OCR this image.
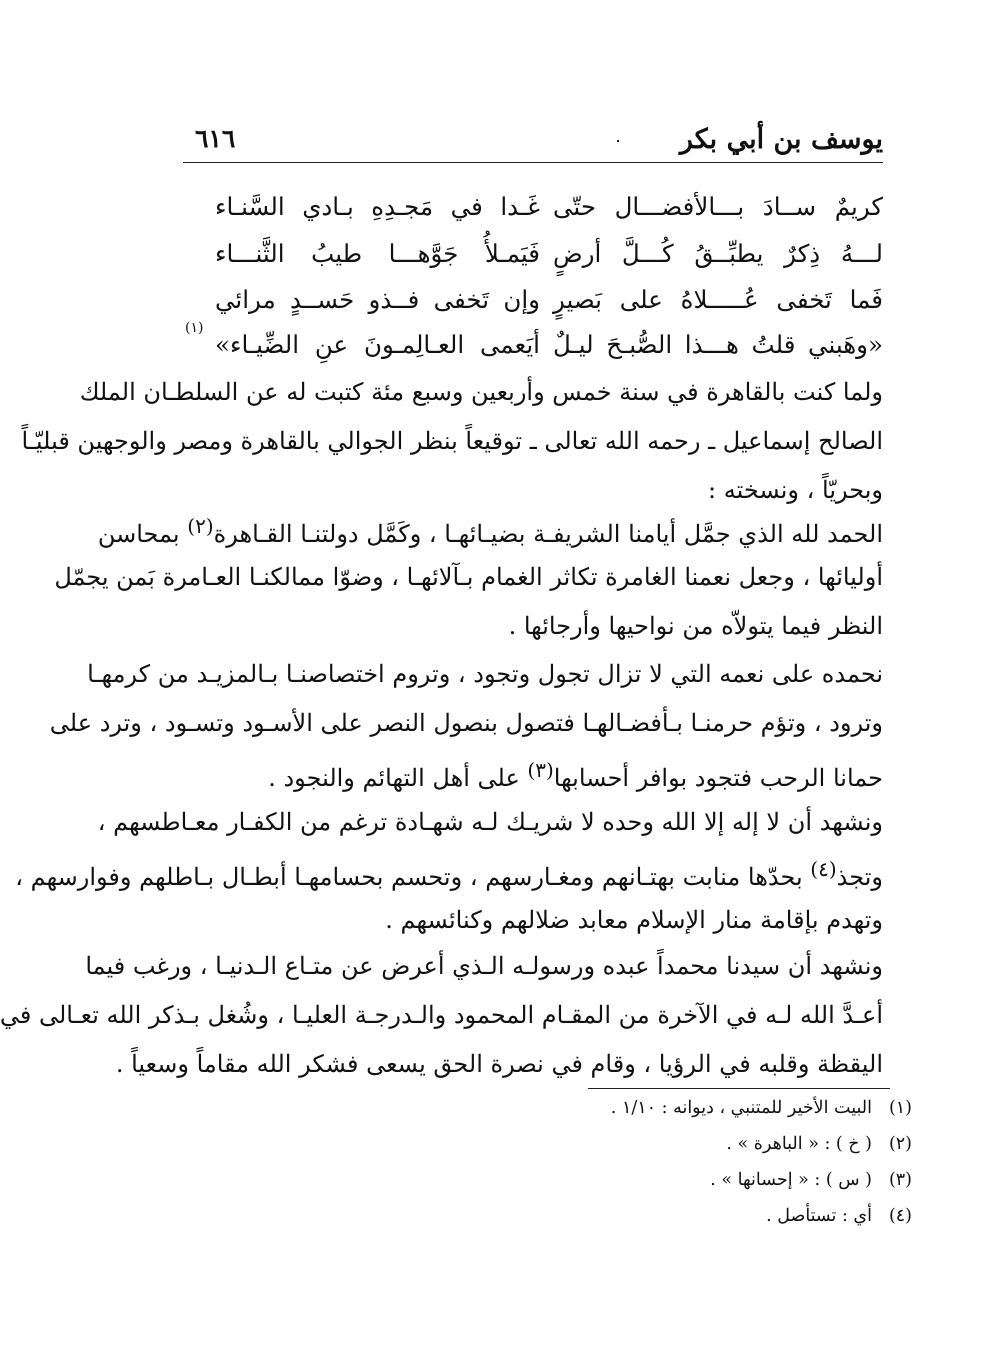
يوسف بن أبي بكر
.
٦١٦
كريمٌ ســادَ بـــالأفضـــال حتّى
غَـدا في مَجـدِهِ بـادي السَّنـاء
لـــهُ ذِكرٌ يطبِّــقُ كُـــلَّ أرضٍ
فَيَمـلأُ جَوَّهـــا طيبُ الثَّنـــاء
فَما تَخفى عُـــــلاهُ على بَصيرٍ
وإن تَخفى فــذو حَســدٍ مرائي
«وهَبني قلتُ هـــذا الصُّبـحَ ليـلٌ
أيَعمى العـالِمـونَ عنِ الضِّيـاء»
(١)
ولما كنت بالقاهرة في سنة خمس وأربعين وسبع مئة كتبت له عن السلطـان الملك
الصالح إسماعيل ـ رحمه الله تعالى ـ توقيعاً بنظر الجوالي بالقاهرة ومصر والوجهين قبليّـاً
وبحريّاً ، ونسخته :
الحمد لله الذي جمَّل أيامنا الشريفـة بضيـائهـا ، وكَمَّل دولتنـا القـاهرة$^{(٢)}$ بمحاسن
أوليائها ، وجعل نعمنا الغامرة تكاثر الغمام بـآلائهـا ، وضوّا ممالكنـا العـامرة بَمن يجمّل
النظر فيما يتولاّه من نواحيها وأرجائها .
نحمده على نعمه التي لا تزال تجول وتجود ، وتروم اختصاصنـا بـالمزيـد من كرمهـا
وترود ، وتؤم حرمنـا بـأفضـالهـا فتصول بنصول النصر على الأسـود وتسـود ، وترد على
حمانا الرحب فتجود بوافر أحسابها$^{(٣)}$ على أهل التهائم والنجود .
ونشهد أن لا إله إلا الله وحده لا شريـك لـه شهـادة ترغم من الكفـار معـاطسهم ،
وتجذ$^{(٤)}$ بحدّها منابت بهتـانهم ومغـارسهم ، وتحسم بحسامهـا أبطـال بـاطلهم وفوارسهم ،
وتهدم بإقامة منار الإسلام معابد ضلالهم وكنائسهم .
ونشهد أن سيدنا محمداً عبده ورسولـه الـذي أعرض عن متـاع الـدنيـا ، ورغب فيما
أعـدَّ الله لـه في الآخرة من المقـام المحمود والـدرجـة العليـا ، وشُغل بـذكر الله تعـالى في
اليقظة وقلبه في الرؤيا ، وقام في نصرة الحق يسعى فشكر الله مقاماً وسعياً .
(١)البيت الأخير للمتنبي ، ديوانه : ١/١٠ .
(٢)( خ ) : « الباهرة » .
(٣)( س ) : « إحسانها » .
(٤)أي : تستأصل .
